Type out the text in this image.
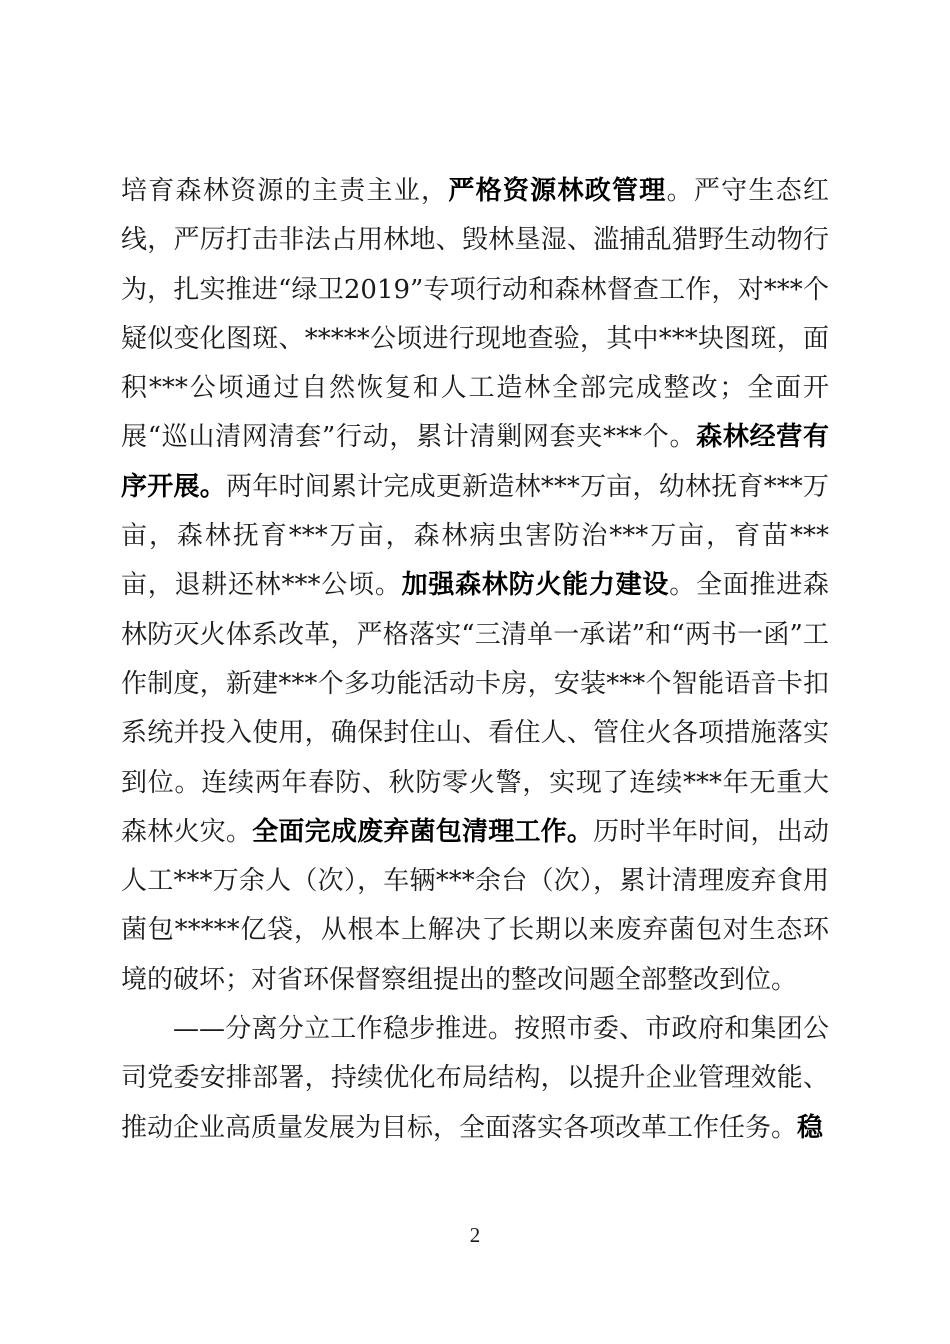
培育森林资源的主责主业，严格资源林政管理。严守生态红线，严厉打击非法占用林地、毁林垦湿、滥捕乱猎野生动物行为，扎实推进“绿卫2019”专项行动和森林督查工作，对***个疑似变化图斑、*****公顷进行现地查验，其中***块图斑，面积***公顷通过自然恢复和人工造林全部完成整改；全面开展“巡山清网清套”行动，累计清剿网套夹***个。森林经营有序开展。两年时间累计完成更新造林***万亩，幼林抚育***万亩，森林抚育***万亩，森林病虫害防治***万亩，育苗***亩，退耕还林***公顷。加强森林防火能力建设。全面推进森林防灭火体系改革，严格落实“三清单一承诺”和“两书一函”工作制度，新建***个多功能活动卡房，安装***个智能语音卡扣系统并投入使用，确保封住山、看住人、管住火各项措施落实到位。连续两年春防、秋防零火警，实现了连续***年无重大森林火灾。全面完成废弃菌包清理工作。历时半年时间，出动人工***万余人（次），车辆***余台（次），累计清理废弃食用菌包*****亿袋，从根本上解决了长期以来废弃菌包对生态环境的破坏；对省环保督察组提出的整改问题全部整改到位。

——分离分立工作稳步推进。按照市委、市政府和集团公司党委安排部署，持续优化布局结构，以提升企业管理效能、推动企业高质量发展为目标，全面落实各项改革工作任务。稳

2
